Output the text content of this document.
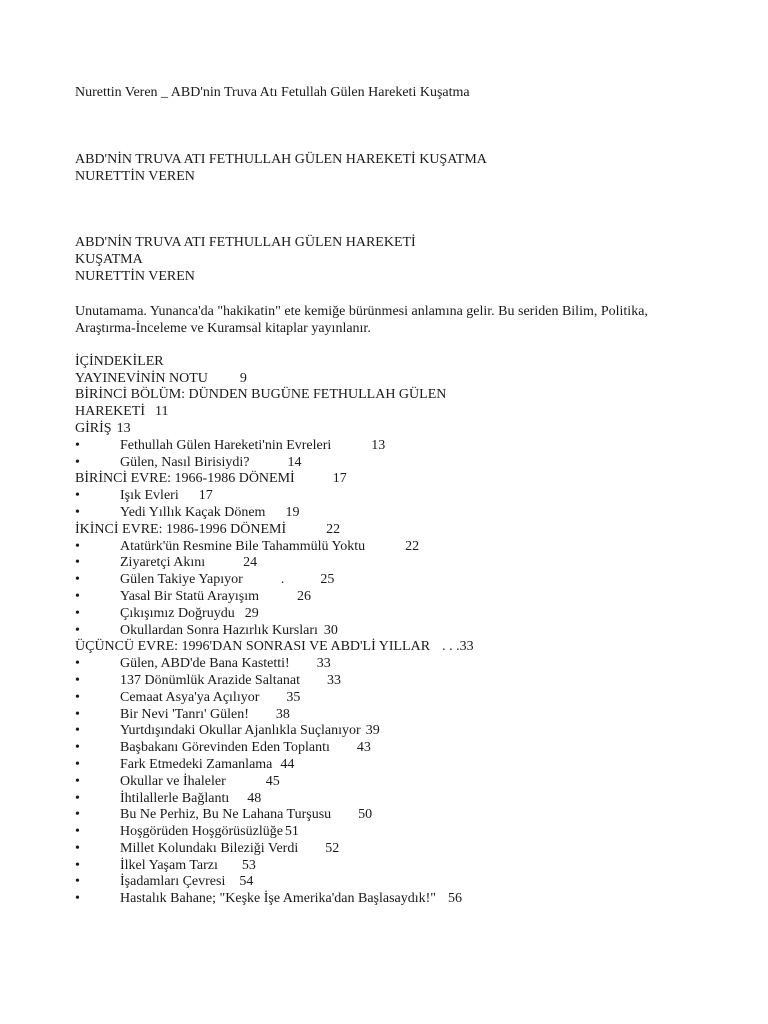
Nurettin Veren _ ABD'nin Truva Atı Fetullah Gülen Hareketi Kuşatma
ABD'NİN TRUVA ATI FETHULLAH GÜLEN HAREKETİ KUŞATMA
NURETTİN VEREN
ABD'NİN TRUVA ATI FETHULLAH GÜLEN HAREKETİ
KUŞATMA
NURETTİN VEREN

Unutamama. Yunanca'da "hakikatin" ete kemiğe bürünmesi anlamına gelir. Bu seriden Bilim, Politika, Araştırma-İnceleme ve Kuramsal kitaplar yayınlanır.

İÇİNDEKİLER
YAYINEVİNİN NOTU 9
BİRİNCİ BÖLÜM: DÜNDEN BUGÜNE FETHULLAH GÜLEN
HAREKETİ 11
GİRİŞ 13
•	Fethullah Gülen Hareketi'nin Evreleri	13
•	Gülen, Nasıl Birisiydi?	14
BİRİNCİ EVRE: 1966-1986 DÖNEMİ	17
•	Işık Evleri 17
•	Yedi Yıllık Kaçak Dönem 19
İKİNCİ EVRE: 1986-1996 DÖNEMİ	22
•	Atatürk'ün Resmine Bile Tahammülü Yoktu	22
•	Ziyaretçi Akını	24
•	Gülen Takiye Yapıyor	.	25
•	Yasal Bir Statü Arayışım	26
•	Çıkışımız Doğruydu 29
•	Okullardan Sonra Hazırlık Kursları 30
ÜÇÜNCÜ EVRE: 1996'DAN SONRASI VE ABD'Lİ YILLAR . . .33
•	Gülen, ABD'de Bana Kastetti! 33
•	137 Dönümlük Arazide Saltanat 33
•	Cemaat Asya'ya Açılıyor 35
•	Bir Nevi 'Tanrı' Gülen! 38
•	Yurtdışındaki Okullar Ajanlıkla Suçlanıyor 39
•	Başbakanı Görevinden Eden Toplantı 43
•	Fark Etmedeki Zamanlama 44
•	Okullar ve İhaleler	45
•	İhtilallerle Bağlantı 48
•	Bu Ne Perhiz, Bu Ne Lahana Turşusu 50
•	Hoşgörüden Hoşgörüsüzlüğe 51
•	Millet Kolundakı Bileziği Verdi 52
•	İlkel Yaşam Tarzı 53
•	İşadamları Çevresi 54
•	Hastalık Bahane; "Keşke İşe Amerika'dan Başlasaydık!" 56
